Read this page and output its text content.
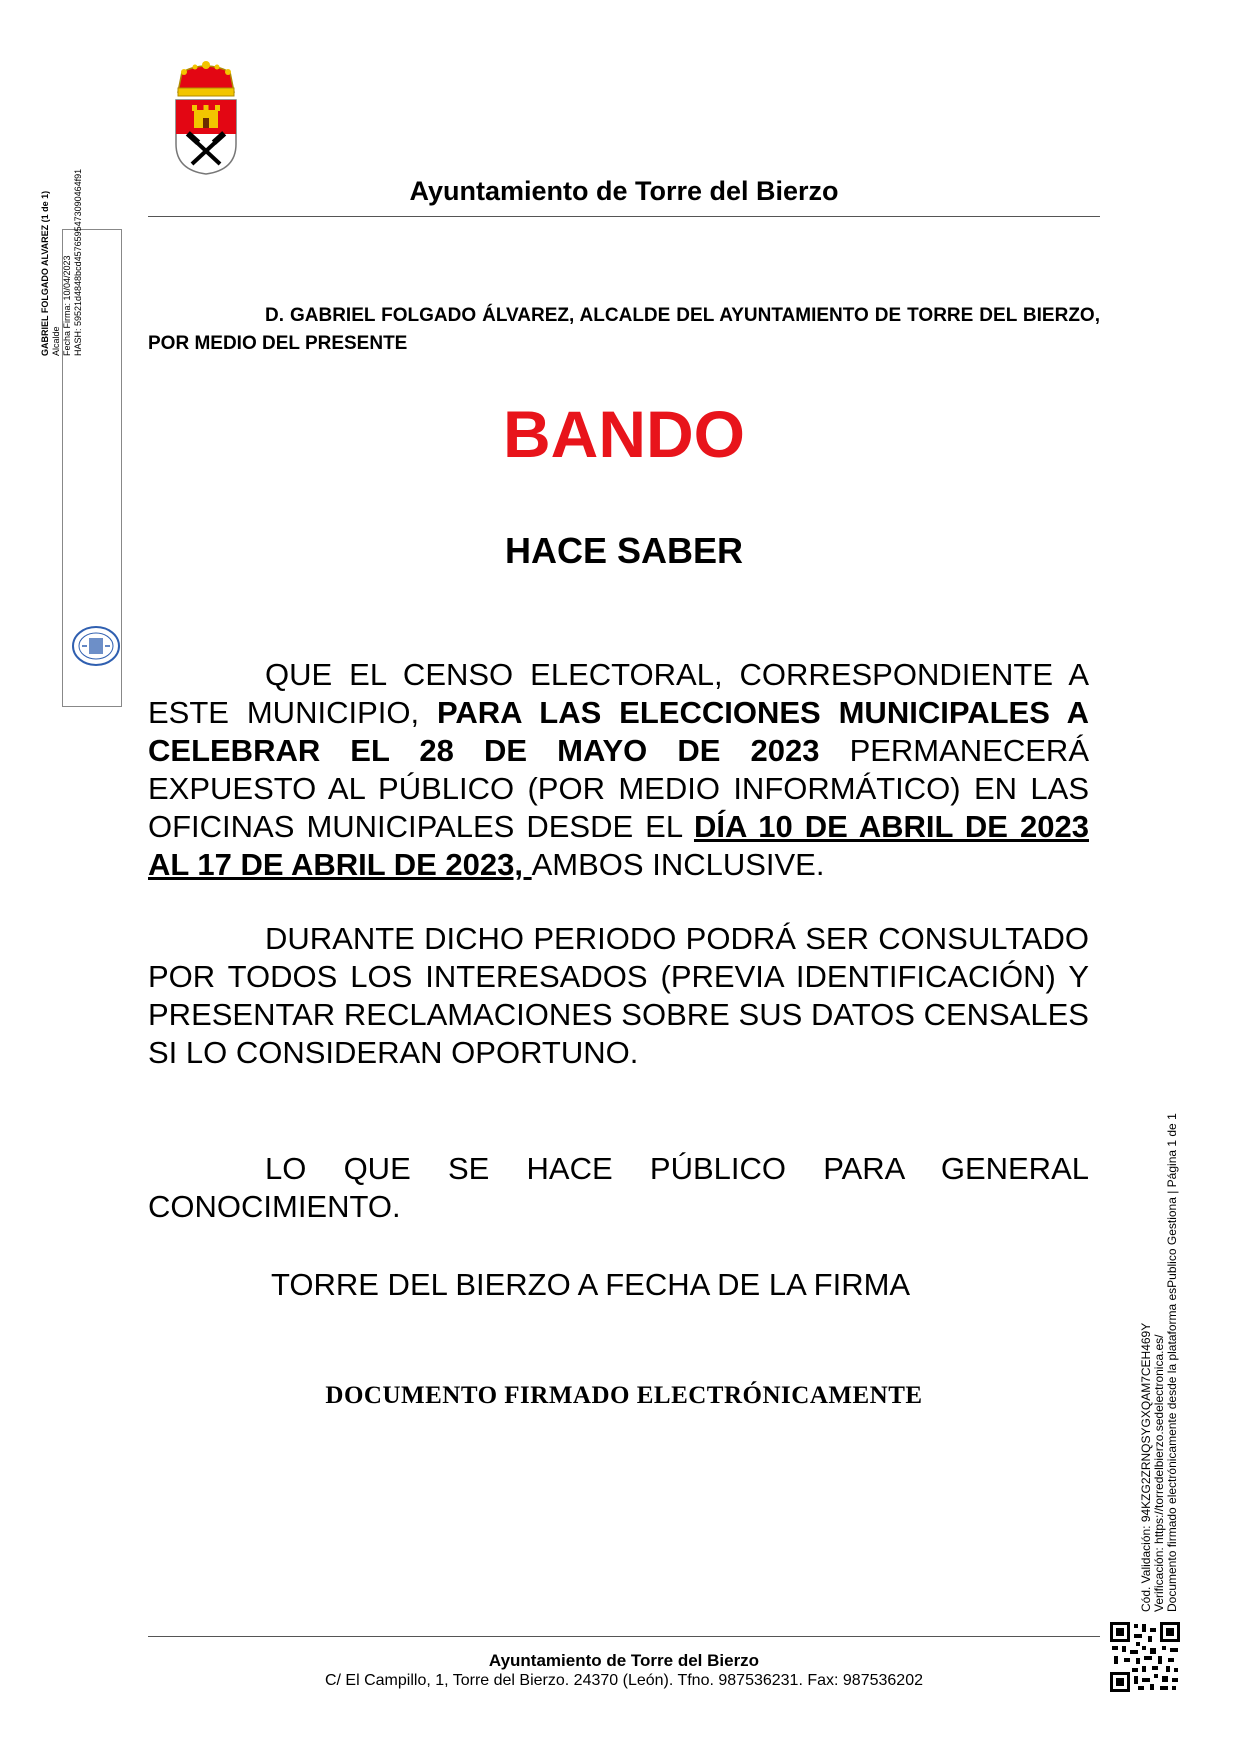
Ayuntamiento de Torre del Bierzo
GABRIEL FOLGADO ALVAREZ (1 de 1) Alcalde Fecha Firma: 10/04/2023 HASH: 59521d4848bcd4576595473090464f91	D. GABRIEL FOLGADO ÁLVAREZ, ALCALDE DEL AYUNTAMIENTO DE TORRE DEL BIERZO, POR MEDIO DEL PRESENTE
BANDO
HACE SABER
QUE EL CENSO ELECTORAL, CORRESPONDIENTE A ESTE MUNICIPIO, PARA LAS ELECCIONES MUNICIPALES A CELEBRAR EL 28 DE MAYO DE 2023 PERMANECERÁ EXPUESTO AL PÚBLICO (POR MEDIO INFORMÁTICO) EN LAS OFICINAS MUNICIPALES DESDE EL DÍA 10 DE ABRIL DE 2023 AL 17 DE ABRIL DE 2023, AMBOS INCLUSIVE.
DURANTE DICHO PERIODO PODRÁ SER CONSULTADO POR TODOS LOS INTERESADOS (PREVIA IDENTIFICACIÓN) Y PRESENTAR RECLAMACIONES SOBRE SUS DATOS CENSALES SI LO CONSIDERAN OPORTUNO.
LO QUE SE HACE PÚBLICO PARA GENERAL CONOCIMIENTO.
TORRE DEL BIERZO A FECHA DE LA FIRMA
DOCUMENTO FIRMADO ELECTRÓNICAMENTE
Ayuntamiento de Torre del Bierzo
C/ El Campillo, 1, Torre del Bierzo. 24370 (León). Tfno. 987536231. Fax: 987536202
Cód. Validación: 94KZG2ZRNQSYGXQAM7CEH469Y Verificación: https://torredelbierzo.sedelectronica.es/ Documento firmado electrónicamente desde la plataforma esPublico Gestiona | Página 1 de 1
